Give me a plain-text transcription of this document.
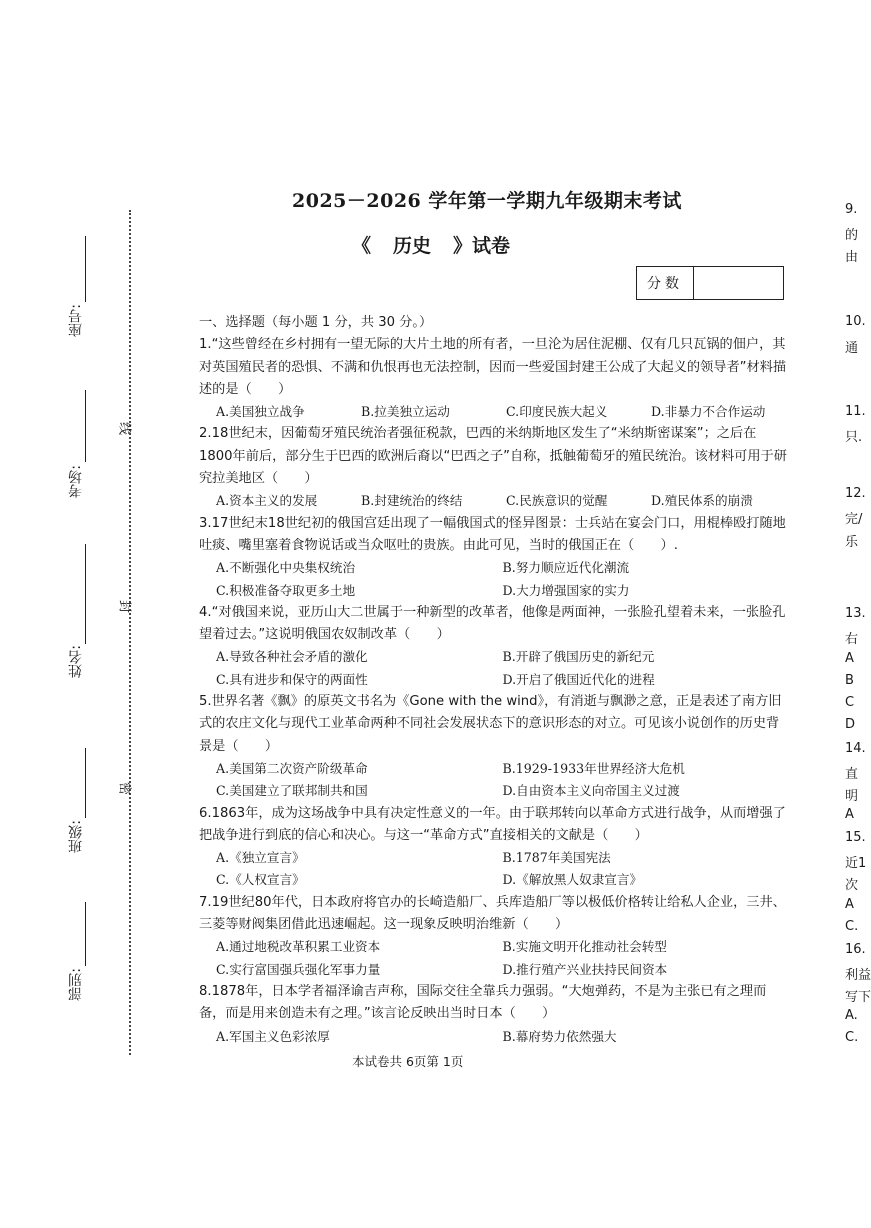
座号:
考场:
姓名:
班级:
部别:
线
封
密
2025－2026 学年第一学期九年级期末考试
《 历史 》试卷
分数

一、选择题（每小题 1 分，共 30 分。）

1.“这些曾经在乡村拥有一望无际的大片土地的所有者，一旦沦为居住泥棚、仅有几只瓦锅的佃户，其对英国殖民者的恐惧、不满和仇恨再也无法控制，因而一些爱国封建王公成了大起义的领导者”材料描述的是（　　）

A.美国独立战争	B.拉美独立运动	C.印度民族大起义	D.非暴力不合作运动

2.18世纪末，因葡萄牙殖民统治者强征税款，巴西的米纳斯地区发生了“米纳斯密谋案”；之后在1800年前后，部分生于巴西的欧洲后裔以“巴西之子”自称，抵触葡萄牙的殖民统治。该材料可用于研究拉美地区（　　）

A.资本主义的发展	B.封建统治的终结	C.民族意识的觉醒	D.殖民体系的崩溃

3.17世纪末18世纪初的俄国宫廷出现了一幅俄国式的怪异图景：士兵站在宴会门口，用棍棒殴打随地吐痰、嘴里塞着食物说话或当众呕吐的贵族。由此可见，当时的俄国正在（　　）.

A.不断强化中央集权统治	B.努力顺应近代化潮流
C.积极准备夺取更多土地	D.大力增强国家的实力

4.“对俄国来说，亚历山大二世属于一种新型的改革者，他像是两面神，一张脸孔望着未来，一张脸孔望着过去。”这说明俄国农奴制改革（　　）

A.导致各种社会矛盾的激化	B.开辟了俄国历史的新纪元
C.具有进步和保守的两面性	D.开启了俄国近代化的进程

5.世界名著《飘》的原英文书名为《Gone with the wind》，有消逝与飘渺之意，正是表述了南方旧式的农庄文化与现代工业革命两种不同社会发展状态下的意识形态的对立。可见该小说创作的历史背景是（　　）

A.美国第二次资产阶级革命	B.1929-1933年世界经济大危机
C.美国建立了联邦制共和国	D.自由资本主义向帝国主义过渡

6.1863年，成为这场战争中具有决定性意义的一年。由于联邦转向以革命方式进行战争，从而增强了把战争进行到底的信心和决心。与这一“革命方式”直接相关的文献是（　　）

A.《独立宣言》	B.1787年美国宪法
C.《人权宣言》	D.《解放黑人奴隶宣言》

7.19世纪80年代，日本政府将官办的长崎造船厂、兵库造船厂等以极低价格转让给私人企业，三井、三菱等财阀集团借此迅速崛起。这一现象反映明治维新（　　）

A.通过地税改革积累工业资本	B.实施文明开化推动社会转型
C.实行富国强兵强化军事力量	D.推行殖产兴业扶持民间资本

8.1878年，日本学者福泽谕吉声称，国际交往全靠兵力强弱。“大炮弹药，不是为主张已有之理而备，而是用来创造未有之理。”该言论反映出当时日本（　　）

A.军国主义色彩浓厚	B.幕府势力依然强大
本试卷共 6页第 1页
9.
的
由
10.
通
11.
只.
12.
完/
乐
13.
右
A
B
C
D
14.
直
明
A
15.
近1
次
A
C.
16.
利益
写下
A.
C.
